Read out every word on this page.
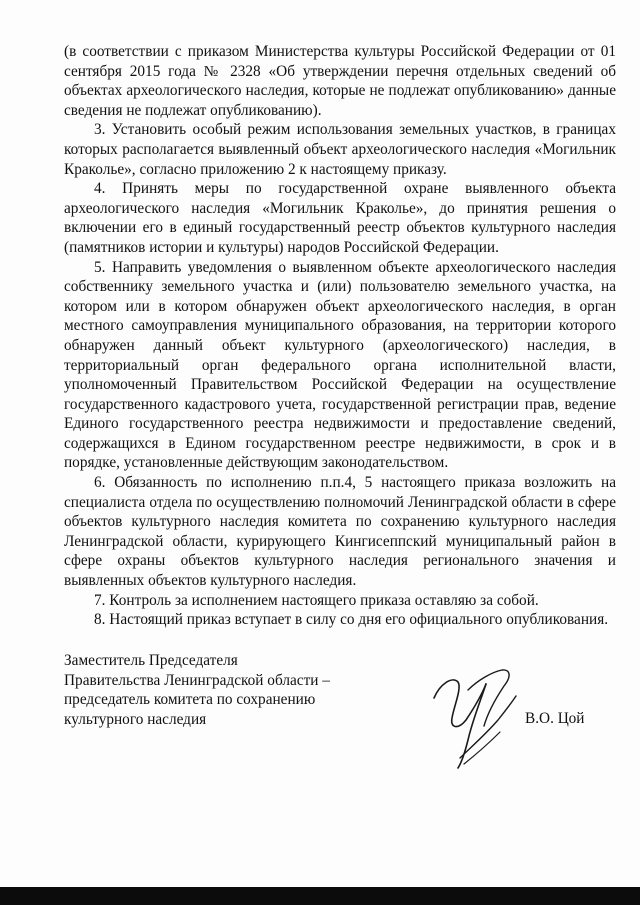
(в соответствии с приказом Министерства культуры Российской Федерации от 01 сентября 2015 года № 2328 «Об утверждении перечня отдельных сведений об объектах археологического наследия, которые не подлежат опубликованию» данные сведения не подлежат опубликованию).

3. Установить особый режим использования земельных участков, в границах которых располагается выявленный объект археологического наследия «Могильник Краколье», согласно приложению 2 к настоящему приказу.

4. Принять меры по государственной охране выявленного объекта археологического наследия «Могильник Краколье», до принятия решения о включении его в единый государственный реестр объектов культурного наследия (памятников истории и культуры) народов Российской Федерации.

5. Направить уведомления о выявленном объекте археологического наследия собственнику земельного участка и (или) пользователю земельного участка, на котором или в котором обнаружен объект археологического наследия, в орган местного самоуправления муниципального образования, на территории которого обнаружен данный объект культурного (археологического) наследия, в территориальный орган федерального органа исполнительной власти, уполномоченный Правительством Российской Федерации на осуществление государственного кадастрового учета, государственной регистрации прав, ведение Единого государственного реестра недвижимости и предоставление сведений, содержащихся в Едином государственном реестре недвижимости, в срок и в порядке, установленные действующим законодательством.

6. Обязанность по исполнению п.п.4, 5 настоящего приказа возложить на специалиста отдела по осуществлению полномочий Ленинградской области в сфере объектов культурного наследия комитета по сохранению культурного наследия Ленинградской области, курирующего Кингисеппский муниципальный район в сфере охраны объектов культурного наследия регионального значения и выявленных объектов культурного наследия.

7. Контроль за исполнением настоящего приказа оставляю за собой.

8. Настоящий приказ вступает в силу со дня его официального опубликования.

Заместитель Председателя
Правительства Ленинградской области –
председатель комитета по сохранению
культурного наследия	В.О. Цой
